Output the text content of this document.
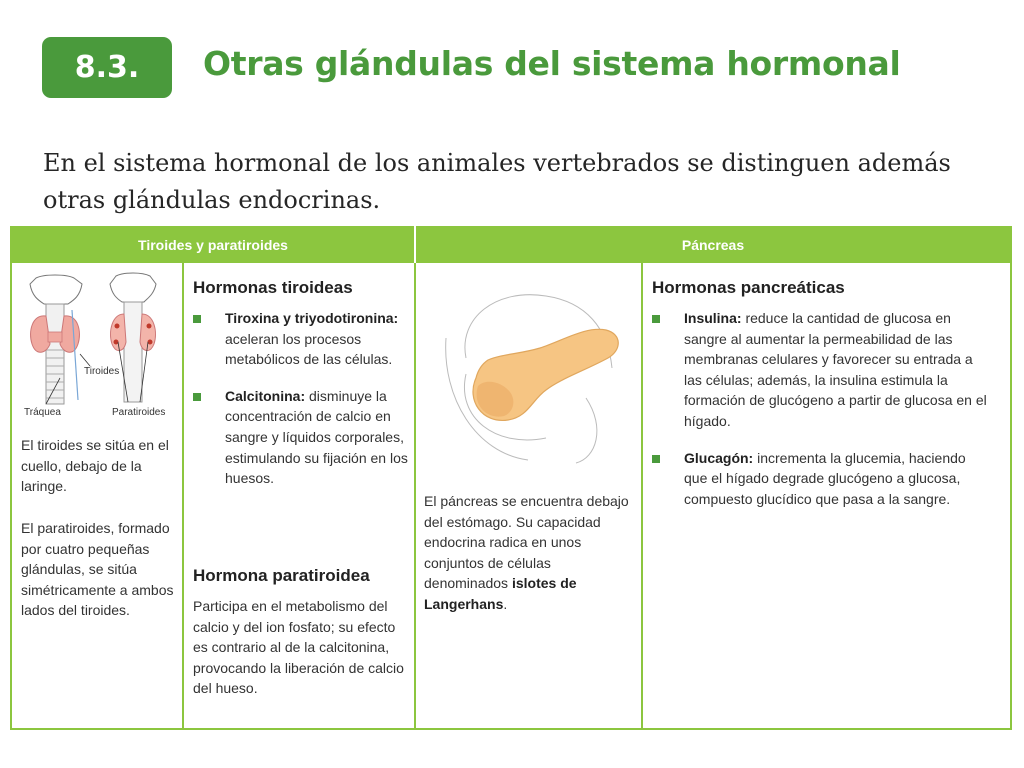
8.3.	Otras glándulas del sistema hormonal
En el sistema hormonal de los animales vertebrados se distinguen además otras glándulas endocrinas.
Tiroides y paratiroides	Páncreas
Tiroides
Tráquea	Paratiroides
El tiroides se sitúa en el cuello, debajo de la laringe.
El paratiroides, formado por cuatro pequeñas glándulas, se sitúa simétricamente a ambos lados del tiroides.
Hormonas tiroideas
Tiroxina y triyodotironina: aceleran los procesos metabólicos de las células.
Calcitonina: disminuye la concentración de calcio en sangre y líquidos corporales, estimulando su fijación en los huesos.
Hormona paratiroidea
Participa en el metabolismo del calcio y del ion fosfato; su efecto es contrario al de la calcitonina, provocando la liberación de calcio del hueso.
El páncreas se encuentra debajo del estómago. Su capacidad endocrina radica en unos conjuntos de células denominados islotes de Langerhans.
Hormonas pancreáticas
Insulina: reduce la cantidad de glucosa en sangre al aumentar la permeabilidad de las membranas celulares y favorecer su entrada a las células; además, la insulina estimula la formación de glucógeno a partir de glucosa en el hígado.
Glucagón: incrementa la glucemia, haciendo que el hígado degrade glucógeno a glucosa, compuesto glucídico que pasa a la sangre.
